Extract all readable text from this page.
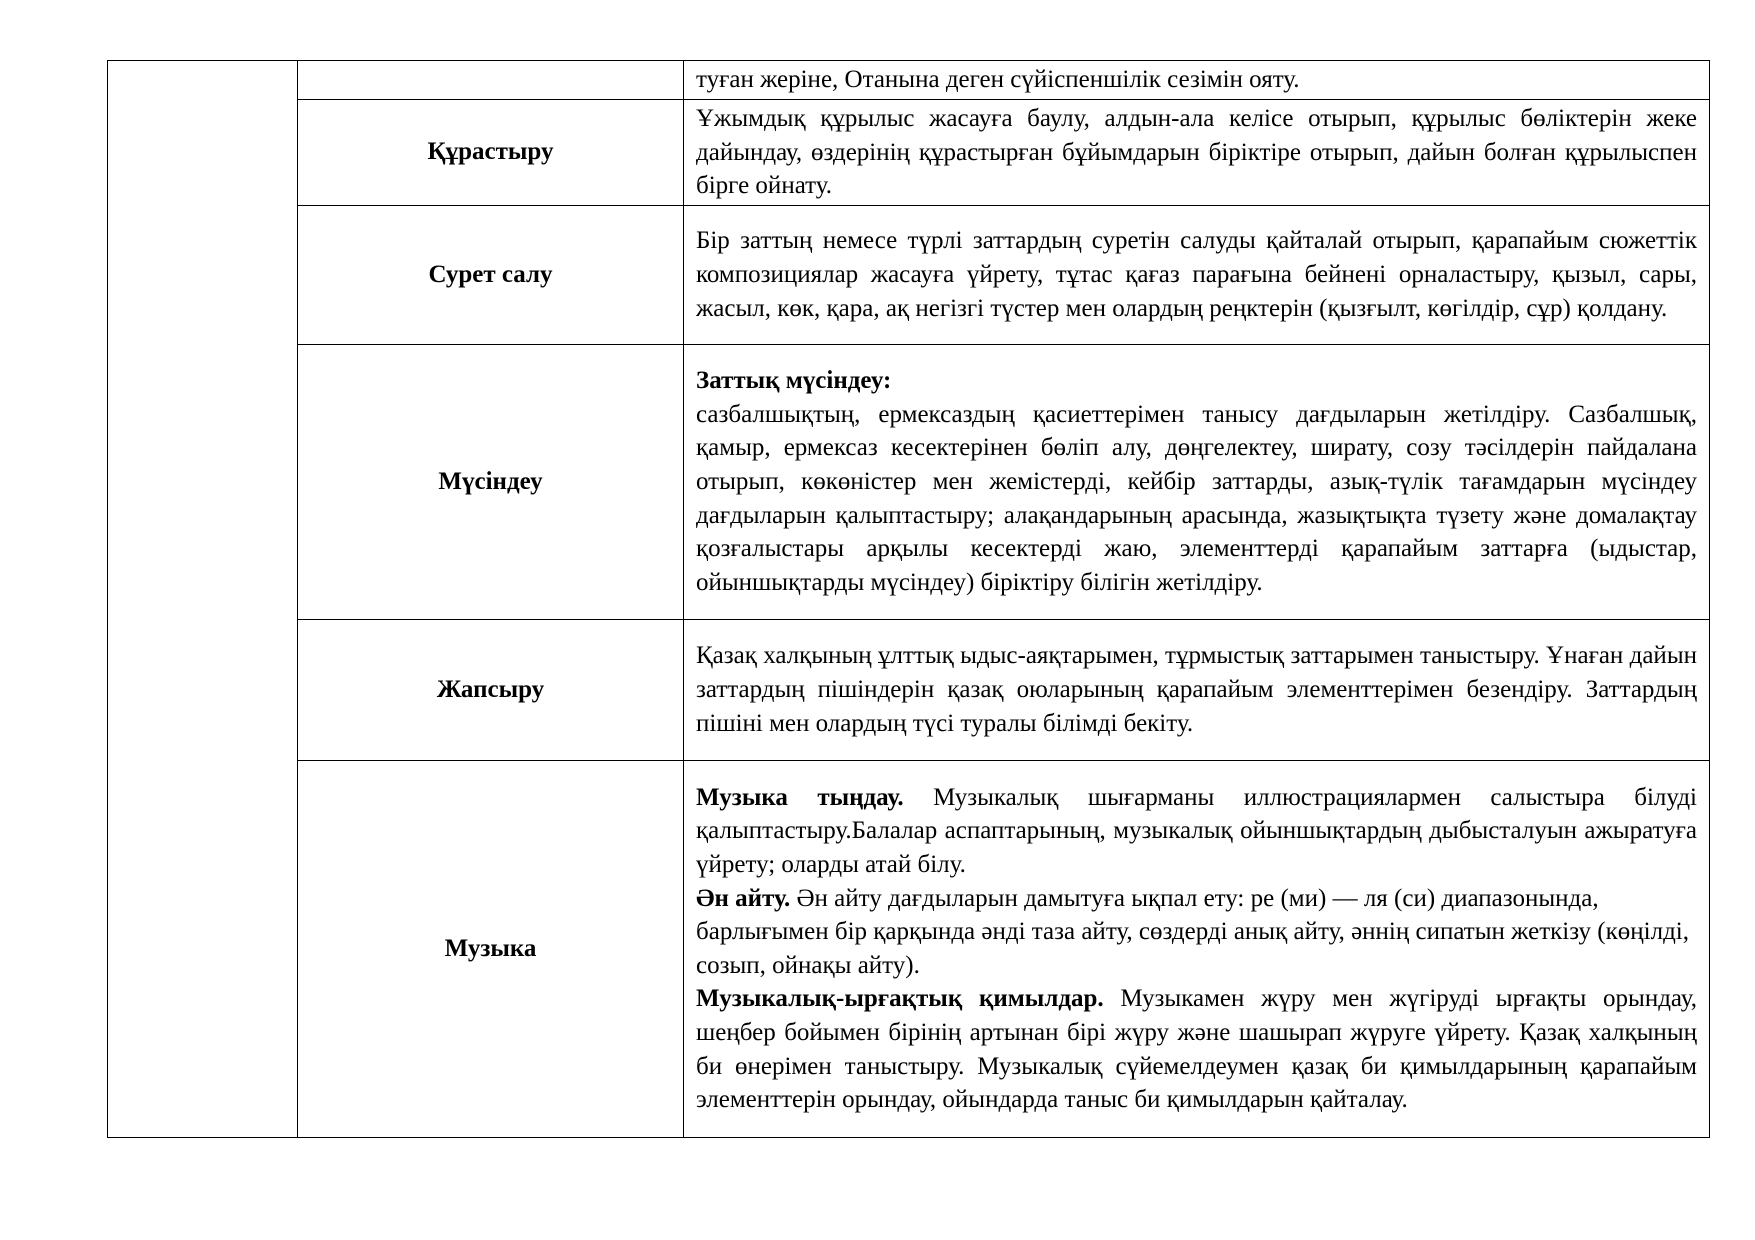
		туған жеріне, Отанына деген сүйіспеншілік сезімін ояту.

	Құрастыру	Ұжымдық құрылыс жасауға баулу, алдын-ала келісе отырып, құрылыс бөліктерін жеке дайындау, өздерінің құрастырған бұйымдарын біріктіре отырып, дайын болған құрылыспен бірге ойнату.

	Сурет салу	Бір заттың немесе түрлі заттардың суретін салуды қайталай отырып, қарапайым сюжеттік композициялар жасауға үйрету, тұтас қағаз парағына бейнені орналастыру, қызыл, сары, жасыл, көк, қара, ақ негізгі түстер мен олардың реңктерін (қызғылт, көгілдір, сұр) қолдану.

	Мүсіндеу	Заттық мүсіндеу:

сазбалшықтың, ермексаздың қасиеттерімен танысу дағдыларын жетілдіру. Сазбалшық, қамыр, ермексаз кесектерінен бөліп алу, дөңгелектеу, ширату, созу тәсілдерін пайдалана отырып, көкөністер мен жемістерді, кейбір заттарды, азық-түлік тағамдарын мүсіндеу дағдыларын қалыптастыру; алақандарының арасында, жазықтықта түзету және домалақтау қозғалыстары арқылы кесектерді жаю, элементтерді қарапайым заттарға (ыдыстар, ойыншықтарды мүсіндеу) біріктіру білігін жетілдіру.

	Жапсыру	Қазақ халқының ұлттық ыдыс-аяқтарымен, тұрмыстық заттарымен таныстыру. Ұнаған дайын заттардың пішіндерін қазақ оюларының қарапайым элементтерімен безендіру. Заттардың пішіні мен олардың түсі туралы білімді бекіту.

	Музыка	Музыка тыңдау. Музыкалық шығарманы иллюстрациялармен салыстыра білуді қалыптастыру.Балалар аспаптарының, музыкалық ойыншықтардың дыбысталуын ажыратуға үйрету; оларды атай білу.

Ән айту. Ән айту дағдыларын дамытуға ықпал ету: ре (ми) — ля (си) диапазонында, барлығымен бір қарқында әнді таза айту, сөздерді анық айту, әннің сипатын жеткізу (көңілді, созып, ойнақы айту).

Музыкалық-ырғақтық қимылдар. Музыкамен жүру мен жүгіруді ырғақты орындау, шеңбер бойымен бірінің артынан бірі жүру және шашырап жүруге үйрету. Қазақ халқының би өнерімен таныстыру. Музыкалық сүйемелдеумен қазақ би қимылдарының қарапайым элементтерін орындау, ойындарда таныс би қимылдарын қайталау.
